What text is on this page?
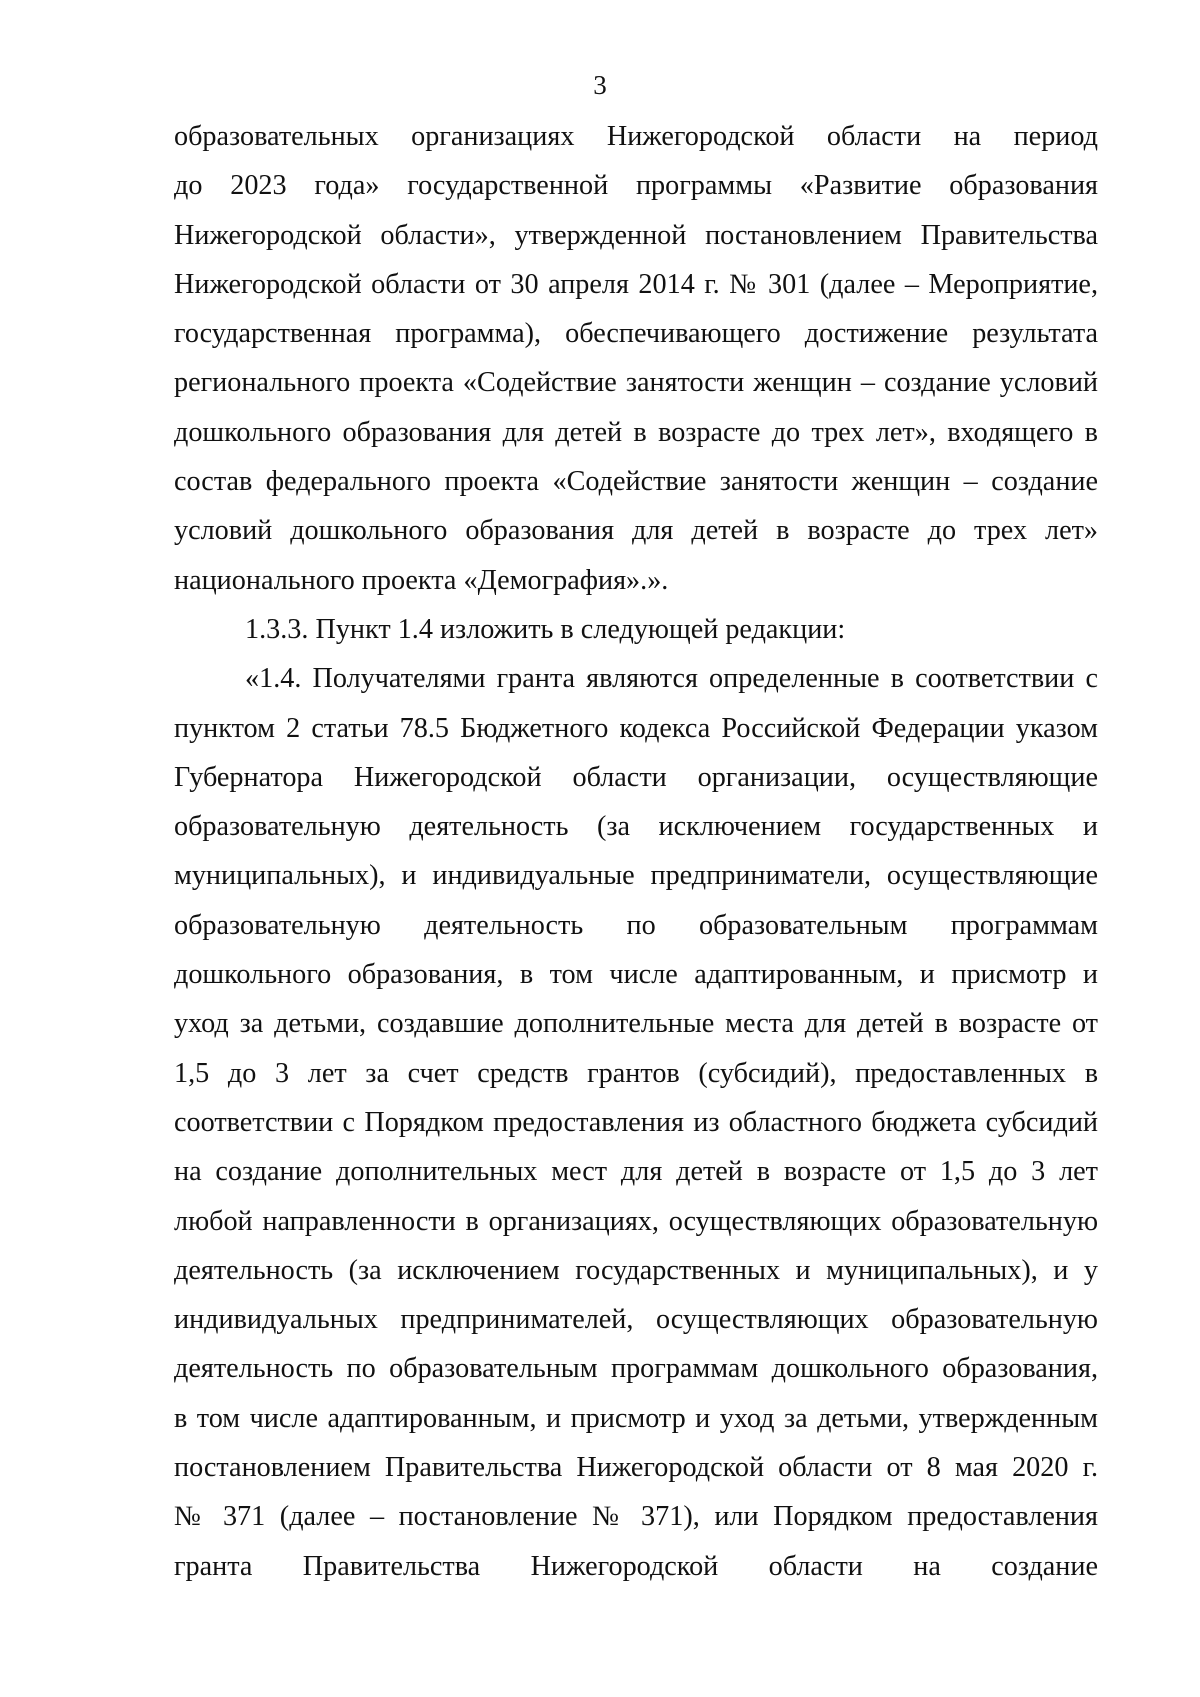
3
образовательных организациях Нижегородской области на период
до 2023 года» государственной программы «Развитие образования
Нижегородской области», утвержденной постановлением Правительства
Нижегородской области от 30 апреля 2014 г. № 301 (далее – Мероприятие,
государственная программа), обеспечивающего достижение результата
регионального проекта «Содействие занятости женщин – создание условий
дошкольного образования для детей в возрасте до трех лет», входящего в
состав федерального проекта «Содействие занятости женщин – создание
условий дошкольного образования для детей в возрасте до трех лет»
национального проекта «Демография».».
1.3.3. Пункт 1.4 изложить в следующей редакции:
«1.4. Получателями гранта являются определенные в соответствии с
пунктом 2 статьи 78.5 Бюджетного кодекса Российской Федерации указом
Губернатора Нижегородской области организации, осуществляющие
образовательную деятельность (за исключением государственных и
муниципальных), и индивидуальные предприниматели, осуществляющие
образовательную деятельность по образовательным программам
дошкольного образования, в том числе адаптированным, и присмотр и
уход за детьми, создавшие дополнительные места для детей в возрасте от
1,5 до 3 лет за счет средств грантов (субсидий), предоставленных в
соответствии с Порядком предоставления из областного бюджета субсидий
на создание дополнительных мест для детей в возрасте от 1,5 до 3 лет
любой направленности в организациях, осуществляющих образовательную
деятельность (за исключением государственных и муниципальных), и у
индивидуальных предпринимателей, осуществляющих образовательную
деятельность по образовательным программам дошкольного образования,
в том числе адаптированным, и присмотр и уход за детьми, утвержденным
постановлением Правительства Нижегородской области от 8 мая 2020 г.
№ 371 (далее – постановление № 371), или Порядком предоставления
гранта Правительства Нижегородской области на создание
